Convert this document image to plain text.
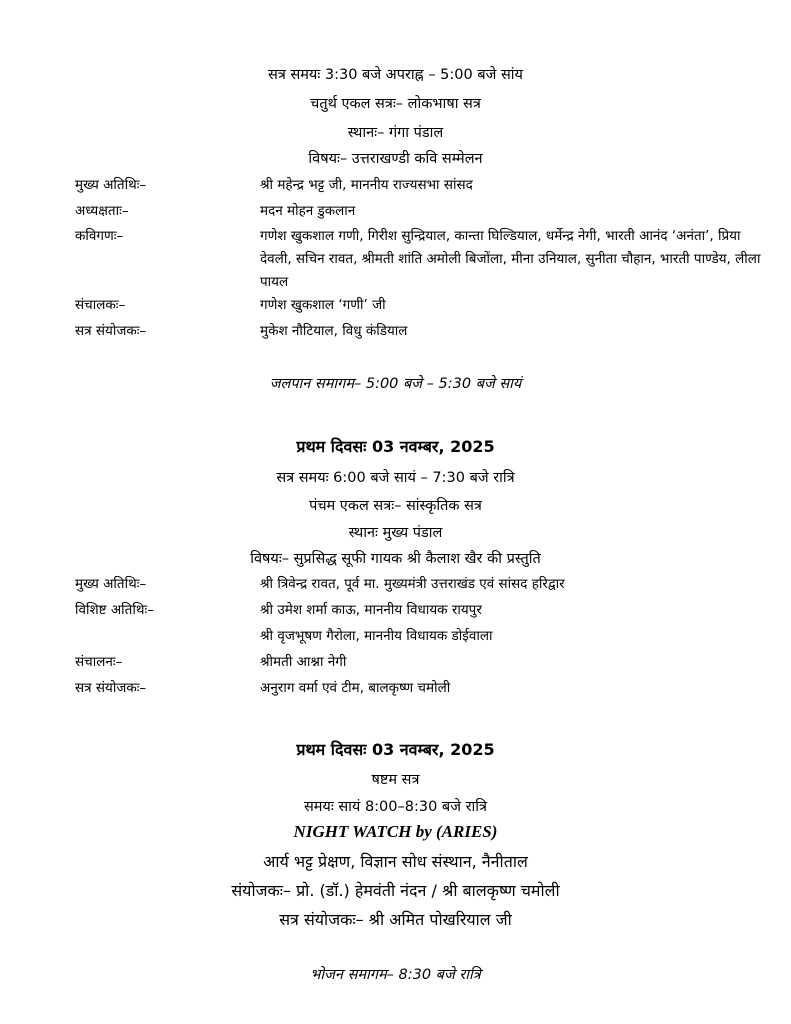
सत्र समयः 3:30 बजे अपराह्न – 5:00 बजे सांय
चतुर्थ एकल सत्रः– लोकभाषा सत्र
स्थानः– गंगा पंडाल
विषयः– उत्तराखण्डी कवि सम्मेलन
मुख्य अतिथिः–	श्री महेन्द्र भट्ट जी, माननीय राज्यसभा सांसद
अध्यक्षताः–	मदन मोहन डुकलान
कविगणः–	गणेश खुकशाल गणी, गिरीश सुन्द्रियाल, कान्ता घिल्डियाल, धर्मेन्द्र नेगी, भारती आनंद ‘अनंता’, प्रिया देवली, सचिन रावत, श्रीमती शांति अमोली बिजोंला, मीना उनियाल, सुनीता चौहान, भारती पाण्डेय, लीला पायल
संचालकः–	गणेश खुकशाल ‘गणी’ जी
सत्र संयोजकः–	मुकेश नौटियाल, विधु कंडियाल
जलपान समागम– 5:00 बजे – 5:30 बजे सायं
प्रथम दिवसः 03 नवम्बर, 2025
सत्र समयः 6:00 बजे सायं – 7:30 बजे रात्रि
पंचम एकल सत्रः– सांस्कृतिक सत्र
स्थानः मुख्य पंडाल
विषयः– सुप्रसिद्ध सूफी गायक श्री कैलाश खैर की प्रस्तुति
मुख्य अतिथिः–	श्री त्रिवेन्द्र रावत, पूर्व मा. मुख्यमंत्री उत्तराखंड एवं सांसद हरिद्वार
विशिष्ट अतिथिः–	श्री उमेश शर्मा काऊ, माननीय विधायक रायपुर
श्री वृजभूषण गैरोला, माननीय विधायक डोईवाला
संचालनः–	श्रीमती आश्ना नेगी
सत्र संयोजकः–	अनुराग वर्मा एवं टीम, बालकृष्ण चमोली
प्रथम दिवसः 03 नवम्बर, 2025
षष्टम सत्र
समयः सायं 8:00–8:30 बजे रात्रि
NIGHT WATCH by (ARIES)
आर्य भट्ट प्रेक्षण, विज्ञान सोध संस्थान, नैनीताल
संयोजकः– प्रो. (डॉ.) हेमवंती नंदन / श्री बालकृष्ण चमोली
सत्र संयोजकः– श्री अमित पोखरियाल जी
भोजन समागम– 8:30 बजे रात्रि
